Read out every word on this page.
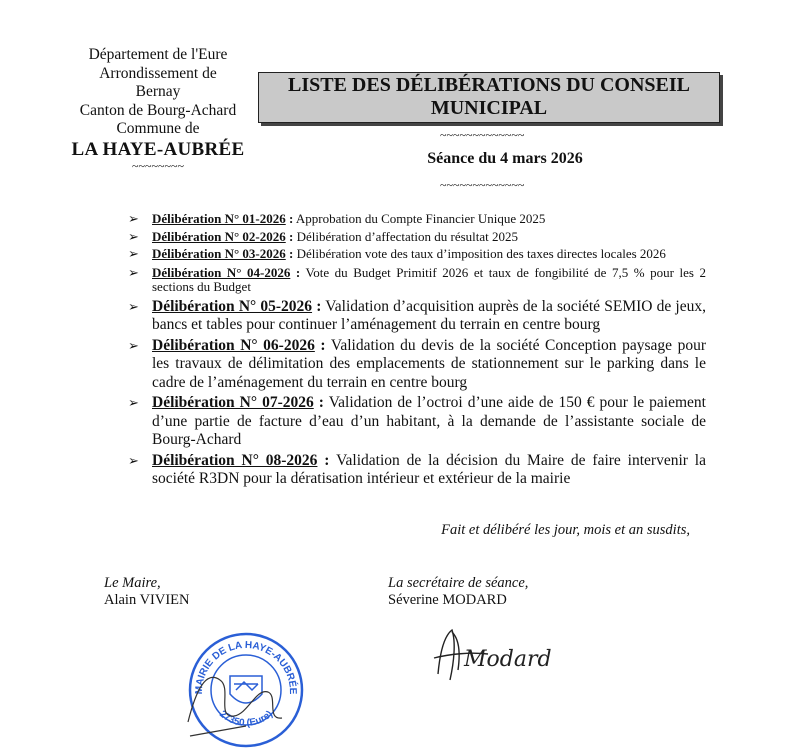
Département de l'Eure
Arrondissement de
Bernay
Canton de Bourg-Achard
Commune de
LA HAYE-AUBRÉE
~~~~~~~~
LISTE DES DÉLIBÉRATIONS DU CONSEIL
MUNICIPAL
~~~~~~~~~~~~~
Séance du 4 mars 2026
~~~~~~~~~~~~~
➢ Délibération N° 01-2026 : Approbation du Compte Financier Unique 2025
➢ Délibération N° 02-2026 : Délibération d’affectation du résultat 2025
➢ Délibération N° 03-2026 : Délibération vote des taux d’imposition des taxes directes locales 2026
➢ Délibération N° 04-2026 : Vote du Budget Primitif 2026 et taux de fongibilité de 7,5 % pour les 2 sections du Budget
➢ Délibération N° 05-2026 : Validation d’acquisition auprès de la société SEMIO de jeux, bancs et tables pour continuer l’aménagement du terrain en centre bourg
➢ Délibération N° 06-2026 : Validation du devis de la société Conception paysage pour les travaux de délimitation des emplacements de stationnement sur le parking dans le cadre de l’aménagement du terrain en centre bourg
➢ Délibération N° 07-2026 : Validation de l’octroi d’une aide de 150 € pour le paiement d’une partie de facture d’eau d’un habitant, à la demande de l’assistante sociale de Bourg-Achard
➢ Délibération N° 08-2026 : Validation de la décision du Maire de faire intervenir la société R3DN pour la dératisation intérieur et extérieur de la mairie
Fait et délibéré les jour, mois et an susdits,
Le Maire,
Alain VIVIEN
La secrétaire de séance,
Séverine MODARD
MAIRIE DE LA HAYE-AUBRÉE
27350 (Eure)
Modard
